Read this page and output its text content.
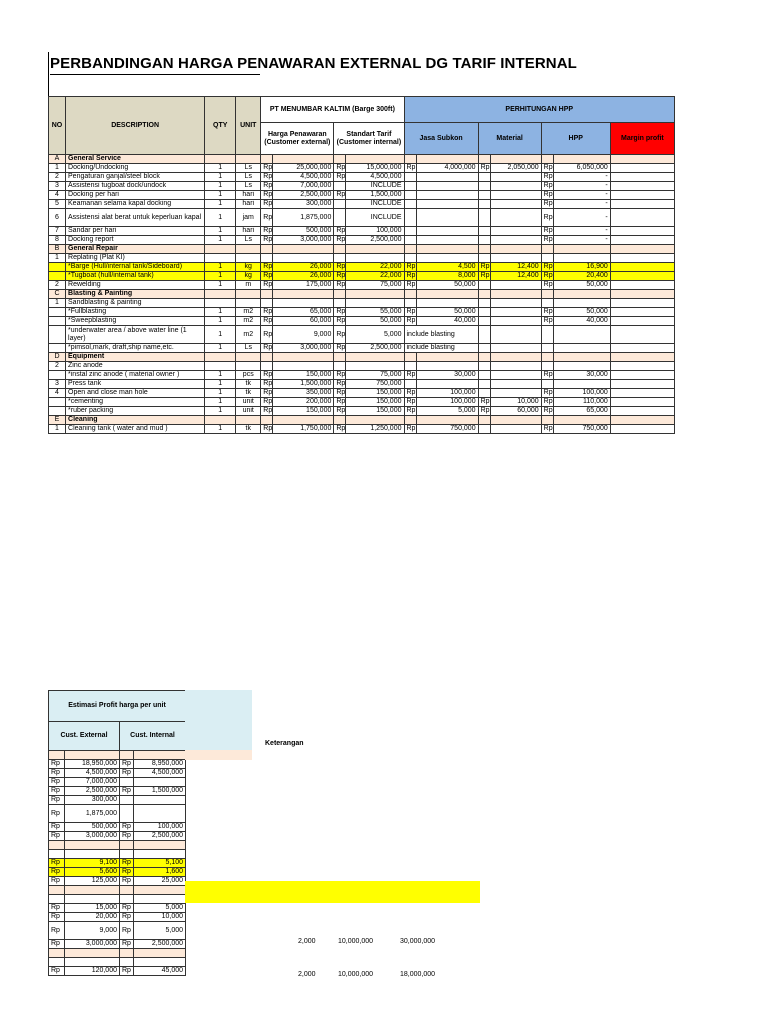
PERBANDINGAN HARGA PENAWARAN EXTERNAL DG TARIF INTERNAL
NO	DESCRIPTION	QTY	UNIT	PT MENUMBAR KALTIM (Barge 300ft)				PERHITUNGAN HPP						
				Harga Penawaran (Customer external)		Standart Tarif (Customer internal)		Jasa Subkon		Material		HPP		Margin profit
A	General Service													
1	Docking/Undocking	1	Ls	Rp	25,000,000	Rp	15,000,000	Rp	4,000,000	Rp	2,050,000	Rp	6,050,000	
2	Pengaturan ganjal/steel block	1	Ls	Rp	4,500,000	Rp	4,500,000					Rp	-	
3	Assistensi tugboat dock/undock	1	Ls	Rp	7,000,000		INCLUDE					Rp	-	
4	Docking per hari	1	hari	Rp	2,500,000	Rp	1,500,000					Rp	-	
5	Keamanan selama kapal docking	1	hari	Rp	300,000		INCLUDE					Rp	-	
6	Assistensi alat berat untuk keperluan kapal	1	jam	Rp	1,875,000		INCLUDE					Rp	-	
7	Sandar per hari	1	hari	Rp	500,000	Rp	100,000					Rp	-	
8	Docking report	1	Ls	Rp	3,000,000	Rp	2,500,000					Rp	-	
B	General Repair													
1	Replating (Plat KI)													
	*Barge (Hull/internal tank/Sideboard)	1	kg	Rp	26,000	Rp	22,000	Rp	4,500	Rp	12,400	Rp	16,900	
	*Tugboat (hull/internal tank)	1	kg	Rp	26,000	Rp	22,000	Rp	8,000	Rp	12,400	Rp	20,400	
2	Rewelding	1	m	Rp	175,000	Rp	75,000	Rp	50,000			Rp	50,000	
C	Blasting & Painting													
1	Sandblasting & painting													
	*Fullblasting	1	m2	Rp	65,000	Rp	55,000	Rp	50,000			Rp	50,000	
	*Sweepblasting	1	m2	Rp	60,000	Rp	50,000	Rp	40,000			Rp	40,000	
	*underwater area / above water line (1 layer)	1	m2	Rp	9,000	Rp	5,000	include blasting						
	*pimsol,mark, draft,ship name,etc.	1	Ls	Rp	3,000,000	Rp	2,500,000	include blasting						
D	Equipment													
2	Zinc anode													
	*instal zinc anode ( material owner )	1	pcs	Rp	150,000	Rp	75,000	Rp	30,000			Rp	30,000	
3	Press tank	1	tk	Rp	1,500,000	Rp	750,000							
4	Open and close man hole	1	tk	Rp	350,000	Rp	150,000	Rp	100,000			Rp	100,000	
	*cementing	1	unit	Rp	200,000	Rp	150,000	Rp	100,000	Rp	10,000	Rp	110,000	
	*ruber packing	1	unit	Rp	150,000	Rp	150,000	Rp	5,000	Rp	60,000	Rp	65,000	
E	Cleaning													
1	Cleaning tank ( water and mud )	1	tk	Rp	1,750,000	Rp	1,250,000	Rp	750,000			Rp	750,000	
Estimasi Profit harga per unit			
Cust. External		Cust. Internal	

Rp	18,950,000	Rp	8,950,000
Rp	4,500,000	Rp	4,500,000
Rp	7,000,000		
Rp	2,500,000	Rp	1,500,000
Rp	300,000		
Rp	1,875,000		
Rp	500,000	Rp	100,000
Rp	3,000,000	Rp	2,500,000

Rp	9,100	Rp	5,100
Rp	5,600	Rp	1,600
Rp	125,000	Rp	25,000

Rp	15,000	Rp	5,000
Rp	20,000	Rp	10,000
Rp	9,000	Rp	5,000
Rp	3,000,000	Rp	2,500,000

Rp	120,000	Rp	45,000
Keterangan
2,000	10,000,000	30,000,000
2,000	10,000,000	18,000,000
